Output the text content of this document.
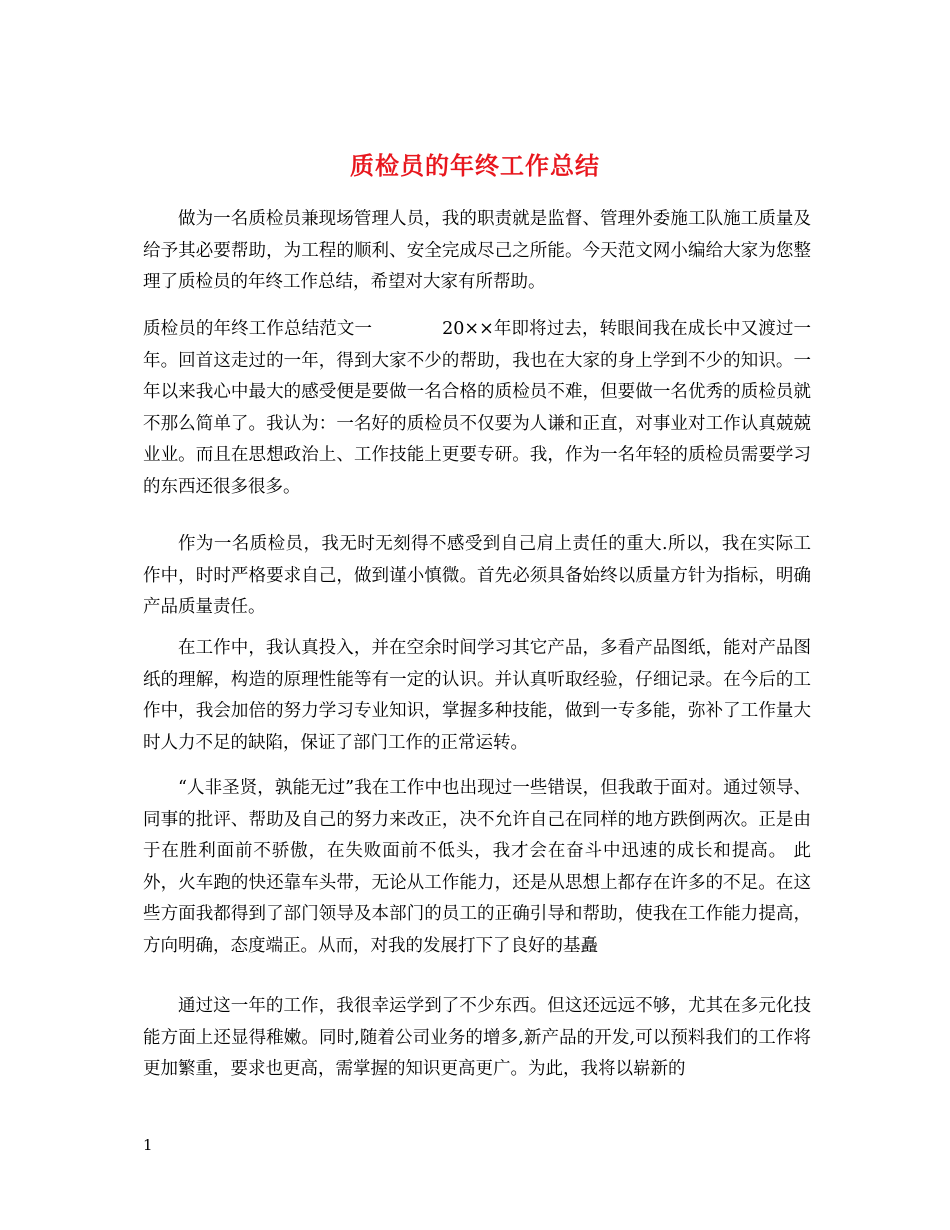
质检员的年终工作总结

做为一名质检员兼现场管理人员，我的职责就是监督、管理外委施工队施工质量及给予其必要帮助，为工程的顺利、安全完成尽己之所能。今天范文网小编给大家为您整理了质检员的年终工作总结，希望对大家有所帮助。

质检员的年终工作总结范文一	20××年即将过去，转眼间我在成长中又渡过一年。回首这走过的一年，得到大家不少的帮助，我也在大家的身上学到不少的知识。一年以来我心中最大的感受便是要做一名合格的质检员不难，但要做一名优秀的质检员就不那么简单了。我认为：一名好的质检员不仅要为人谦和正直，对事业对工作认真兢兢业业。而且在思想政治上、工作技能上更要专研。我，作为一名年轻的质检员需要学习的东西还很多很多。

作为一名质检员，我无时无刻得不感受到自己肩上责任的重大.所以，我在实际工作中，时时严格要求自己，做到谨小慎微。首先必须具备始终以质量方针为指标，明确产品质量责任。

在工作中，我认真投入，并在空余时间学习其它产品，多看产品图纸，能对产品图纸的理解，构造的原理性能等有一定的认识。并认真听取经验，仔细记录。在今后的工作中，我会加倍的努力学习专业知识，掌握多种技能，做到一专多能，弥补了工作量大时人力不足的缺陷，保证了部门工作的正常运转。

“人非圣贤，孰能无过”我在工作中也出现过一些错误，但我敢于面对。通过领导、同事的批评、帮助及自己的努力来改正，决不允许自己在同样的地方跌倒两次。正是由于在胜利面前不骄傲，在失败面前不低头，我才会在奋斗中迅速的成长和提高。 此外，火车跑的快还靠车头带，无论从工作能力，还是从思想上都存在许多的不足。在这些方面我都得到了部门领导及本部门的员工的正确引导和帮助，使我在工作能力提高，方向明确，态度端正。从而，对我的发展打下了良好的基矗

通过这一年的工作，我很幸运学到了不少东西。但这还远远不够，尤其在多元化技能方面上还显得稚嫩。同时,随着公司业务的增多,新产品的开发,可以预料我们的工作将更加繁重，要求也更高，需掌握的知识更高更广。为此，我将以崭新的

1
